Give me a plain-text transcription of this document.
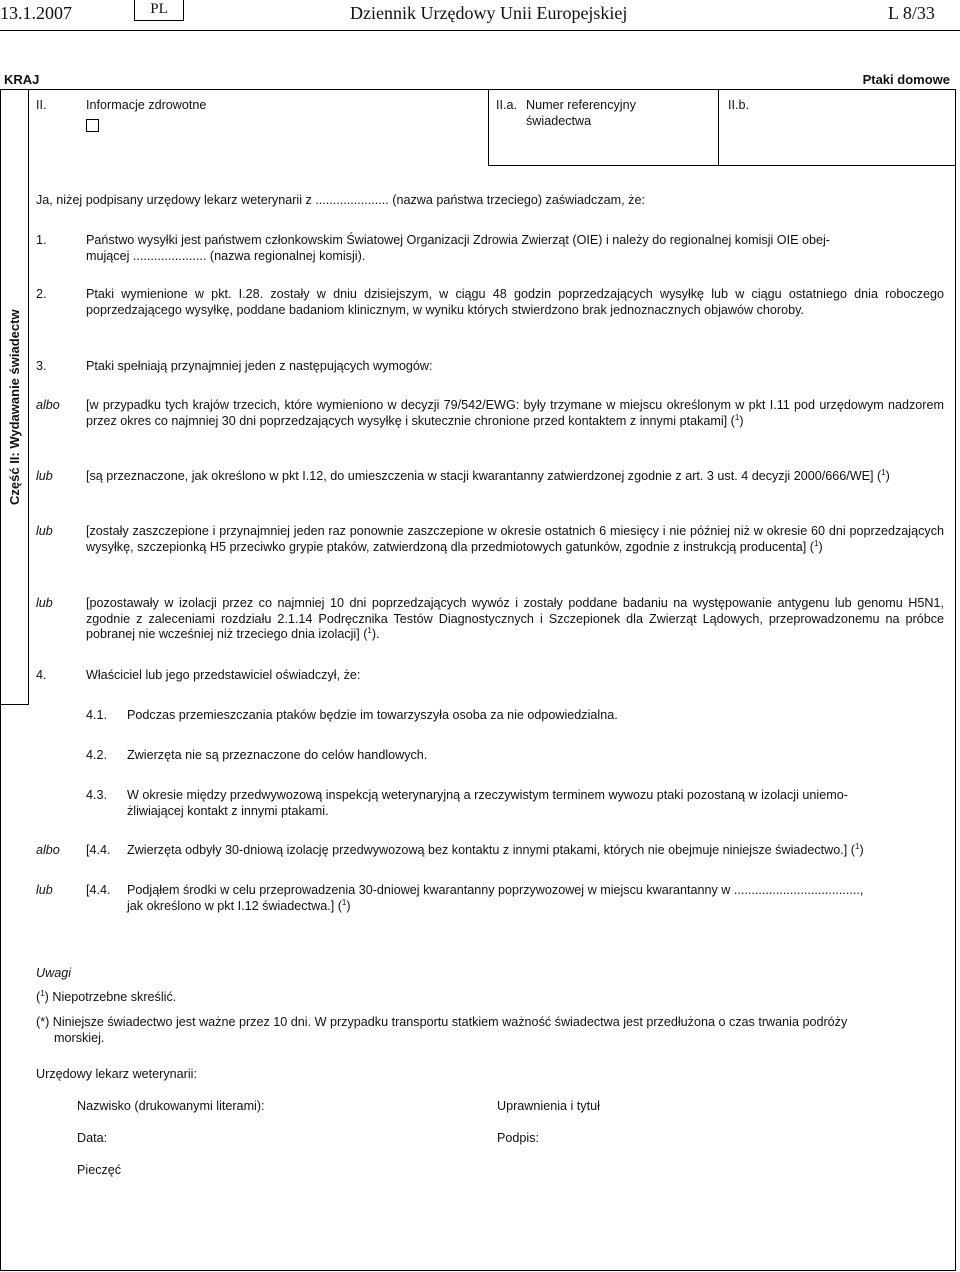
13.1.2007	PL	Dziennik Urzędowy Unii Europejskiej	L 8/33
KRAJ	Ptaki domowe
Część II: Wydawanie świadectw
II.	Informacje zdrowotne	II.a. Numer referencyjny
świadectwa
II.b.
Ja, niżej podpisany urzędowy lekarz weterynarii z ..................... (nazwa państwa trzeciego) zaświadczam, że:
1.	Państwo wysyłki jest państwem członkowskim Światowej Organizacji Zdrowia Zwierząt (OIE) i należy do regionalnej komisji OIE obej-
mującej ..................... (nazwa regionalnej komisji).
2.	Ptaki wymienione w pkt. I.28. zostały w dniu dzisiejszym, w ciągu 48 godzin poprzedzających wysyłkę lub w ciągu ostatniego dnia roboczego poprzedzającego wysyłkę, poddane badaniom klinicznym, w wyniku których stwierdzono brak jednoznacznych objawów choroby.
3.	Ptaki spełniają przynajmniej jeden z następujących wymogów:
albo [w przypadku tych krajów trzecich, które wymieniono w decyzji 79/542/EWG: były trzymane w miejscu określonym w pkt I.11 pod urzędowym nadzorem przez okres co najmniej 30 dni poprzedzających wysyłkę i skutecznie chronione przed kontaktem z innymi ptakami] ($^1$)
lub	[są przeznaczone, jak określono w pkt I.12, do umieszczenia w stacji kwarantanny zatwierdzonej zgodnie z art. 3 ust. 4 decyzji 2000/666/WE] ($^1$)
lub	[zostały zaszczepione i przynajmniej jeden raz ponownie zaszczepione w okresie ostatnich 6 miesięcy i nie później niż w okresie 60 dni poprzedzających wysyłkę, szczepionką H5 przeciwko grypie ptaków, zatwierdzoną dla przedmiotowych gatunków, zgodnie z instrukcją producenta] ($^1$)
lub	[pozostawały w izolacji przez co najmniej 10 dni poprzedzających wywóz i zostały poddane badaniu na występowanie antygenu lub genomu H5N1, zgodnie z zaleceniami rozdziału 2.1.14 Podręcznika Testów Diagnostycznych i Szczepionek dla Zwierząt Lądowych, przeprowadzonemu na próbce pobranej nie wcześniej niż trzeciego dnia izolacji] ($^1$).
4.	Właściciel lub jego przedstawiciel oświadczył, że:
4.1. Podczas przemieszczania ptaków będzie im towarzyszyła osoba za nie odpowiedzialna.
4.2. Zwierzęta nie są przeznaczone do celów handlowych.
4.3. W okresie między przedwywozową inspekcją weterynaryjną a rzeczywistym terminem wywozu ptaki pozostaną w izolacji uniemo-
żliwiającej kontakt z innymi ptakami.
albo [4.4. Zwierzęta odbyły 30-dniową izolację przedwywozową bez kontaktu z innymi ptakami, których nie obejmuje niniejsze świadectwo.] ($^1$)
lub	[4.4. Podjąłem środki w celu przeprowadzenia 30-dniowej kwarantanny poprzywozowej w miejscu kwarantanny w ....................................,
jak określono w pkt I.12 świadectwa.] ($^1$)
Uwagi
($^1$) Niepotrzebne skreślić.
(*) Niniejsze świadectwo jest ważne przez 10 dni. W przypadku transportu statkiem ważność świadectwa jest przedłużona o czas trwania podróży
morskiej.
Urzędowy lekarz weterynarii:
Nazwisko (drukowanymi literami):	Uprawnienia i tytuł
Data:	Podpis:
Pieczęć
